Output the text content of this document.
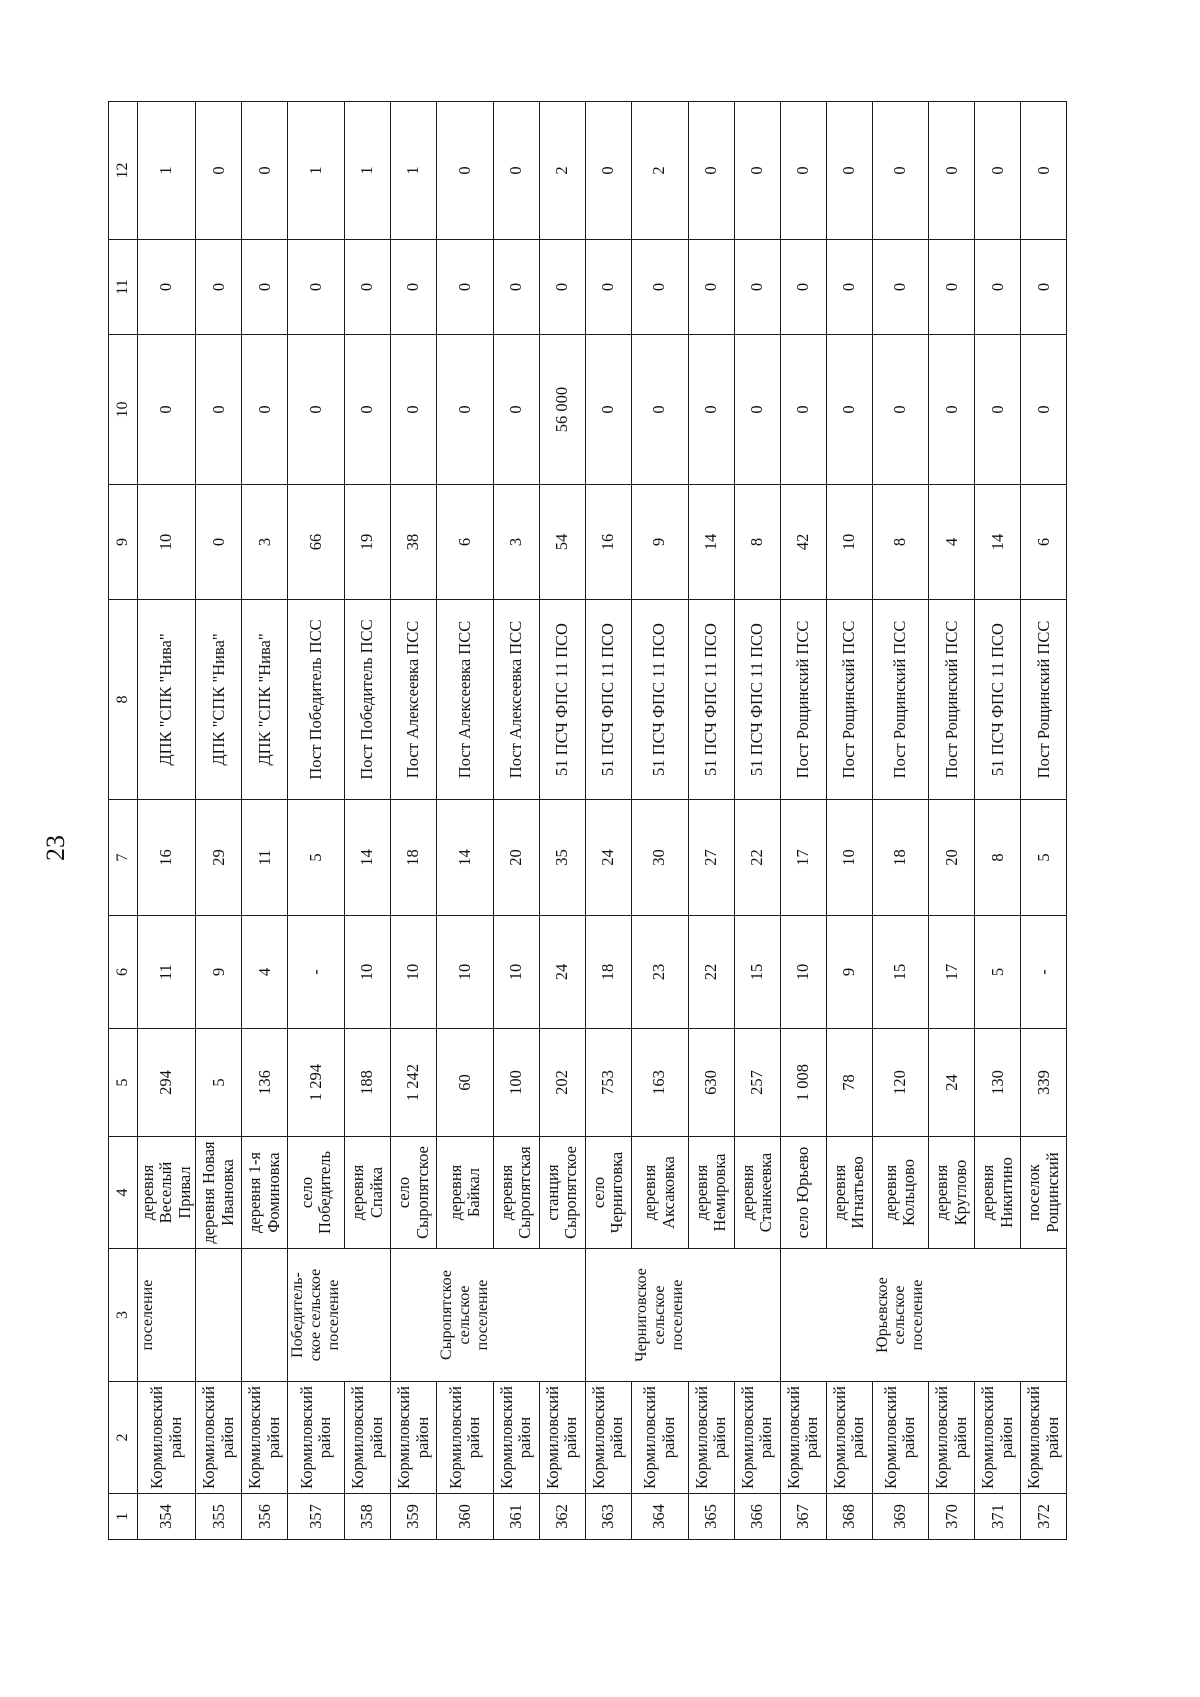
23
1	2	3	4	5	6	7	8	9	10	11	12
354	Кормиловский район	поселение	деревня Веселый Привал	294	11	16	ДПК "СПК "Нива"	10	0	0	1
355	Кормиловский район		деревня Новая Ивановка	5	9	29	ДПК "СПК "Нива"	0	0	0	0
356	Кормиловский район		деревня 1-я Фоминовка	136	4	11	ДПК "СПК "Нива"	3	0	0	0
357	Кормиловский район	Победитель-
ское сельское
поселение	село Победитель	1 294	-	5	Пост Победитель ПСС	66	0	0	1
358	Кормиловский район		деревня Спайка	188	10	14	Пост Победитель ПСС	19	0	0	1
359	Кормиловский район		село Сыропятское	1 242	10	18	Пост Алексеевка ПСС	38	0	0	1
360	Кормиловский район	Сыропятское
сельское
поселение	деревня Байкал	60	10	14	Пост Алексеевка ПСС	6	0	0	0
361	Кормиловский район		деревня Сыропятская	100	10	20	Пост Алексеевка ПСС	3	0	0	0
362	Кормиловский район		станция Сыропятское	202	24	35	51 ПСЧ ФПС 11 ПСО	54	56 000	0	2
363	Кормиловский район		село Черниговка	753	18	24	51 ПСЧ ФПС 11 ПСО	16	0	0	0
364	Кормиловский район	Черниговское
сельское
поселение	деревня Аксаковка	163	23	30	51 ПСЧ ФПС 11 ПСО	9	0	0	2
365	Кормиловский район		деревня Немировка	630	22	27	51 ПСЧ ФПС 11 ПСО	14	0	0	0
366	Кормиловский район		деревня Станкеевка	257	15	22	51 ПСЧ ФПС 11 ПСО	8	0	0	0
367	Кормиловский район		село Юрьево	1 008	10	17	Пост Рощинский ПСС	42	0	0	0
368	Кормиловский район		деревня Игнатьево	78	9	10	Пост Рощинский ПСС	10	0	0	0
369	Кормиловский район	Юрьевское
сельское
поселение	деревня Кольцово	120	15	18	Пост Рощинский ПСС	8	0	0	0
370	Кормиловский район		деревня Круглово	24	17	20	Пост Рощинский ПСС	4	0	0	0
371	Кормиловский район		деревня Никитино	130	5	8	51 ПСЧ ФПС 11 ПСО	14	0	0	0
372	Кормиловский район		поселок Рощинский	339	-	5	Пост Рощинский ПСС	6	0	0	0
